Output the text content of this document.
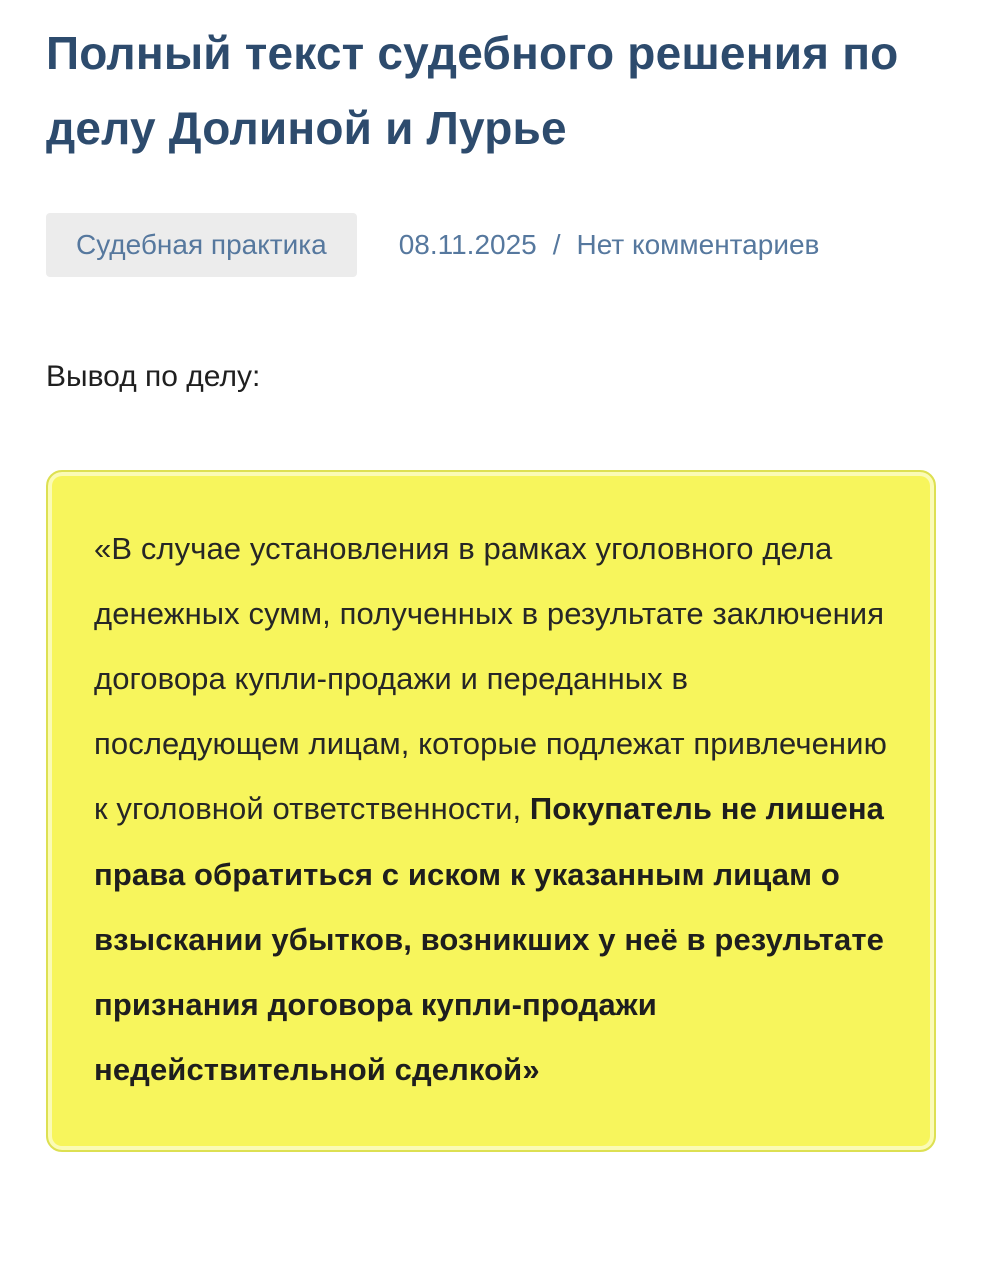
Полный текст судебного решения по делу Долиной и Лурье
Судебная практика	08.11.2025 / Нет комментариев

Вывод по делу:

«В случае установления в рамках уголовного дела денежных сумм, полученных в результате заключения договора купли-продажи и переданных в последующем лицам, которые подлежат привлечению к уголовной ответственности, Покупатель не лишена права обратиться с иском к указанным лицам о взыскании убытков, возникших у неё в результате признания договора купли-продажи недействительной сделкой»
